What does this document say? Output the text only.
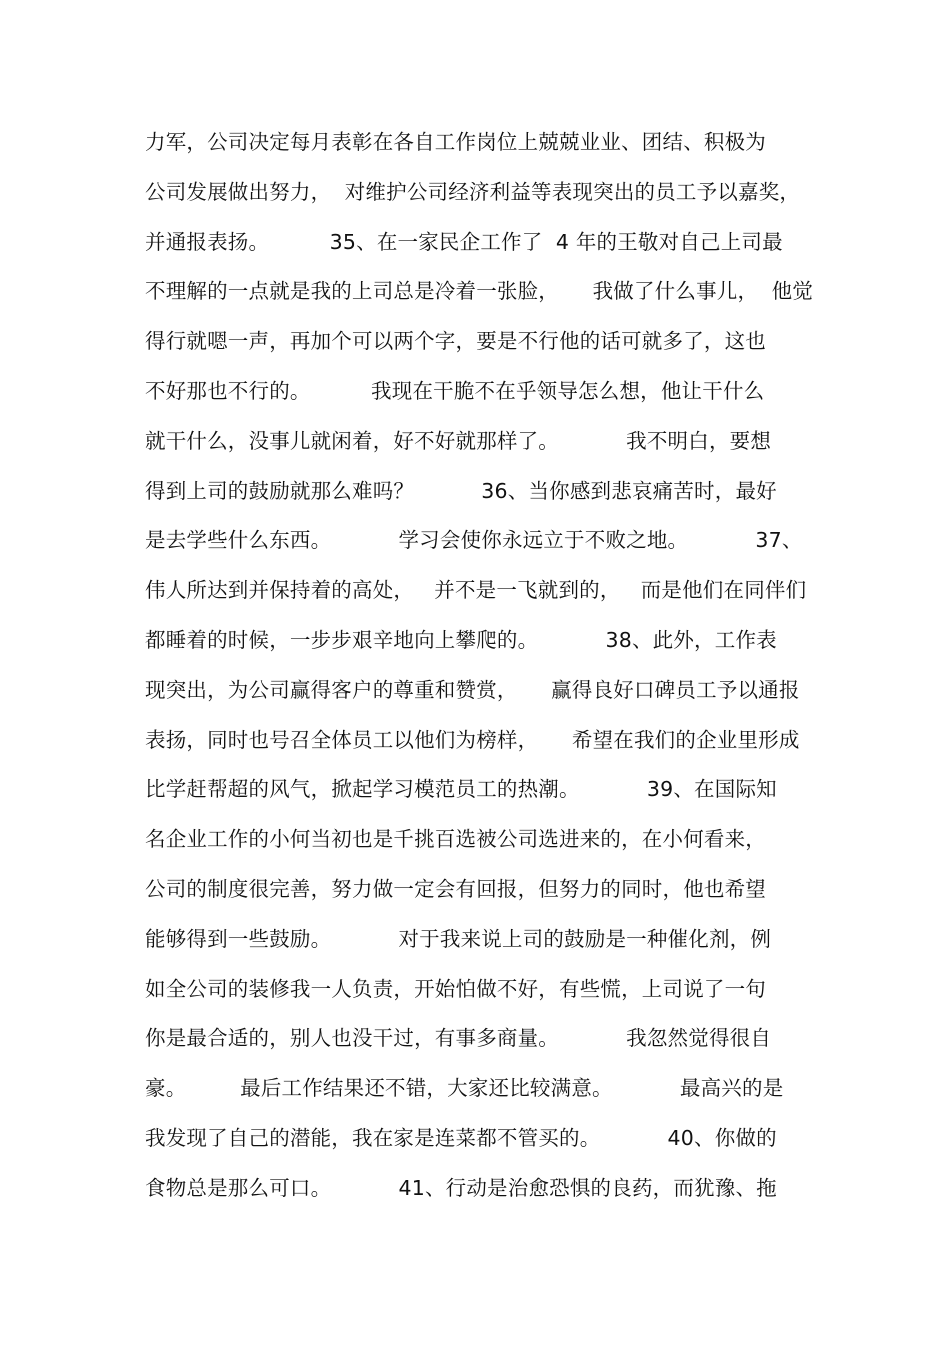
力军，公司决定每月表彰在各自工作岗位上兢兢业业、团结、积极为
公司发展做出努力，  对维护公司经济利益等表现突出的员工予以嘉奖，
并通报表扬。         35、在一家民企工作了  4 年的王敬对自己上司最
不理解的一点就是我的上司总是冷着一张脸，     我做了什么事儿，  他觉
得行就嗯一声，再加个可以两个字，要是不行他的话可就多了，这也
不好那也不行的。         我现在干脆不在乎领导怎么想，他让干什么
就干什么，没事儿就闲着，好不好就那样了。          我不明白，要想
得到上司的鼓励就那么难吗？          36、当你感到悲哀痛苦时，最好
是去学些什么东西。          学习会使你永远立于不败之地。          37、
伟人所达到并保持着的高处，   并不是一飞就到的，   而是他们在同伴们
都睡着的时候，一步步艰辛地向上攀爬的。          38、此外，工作表
现突出，为公司赢得客户的尊重和赞赏，     赢得良好口碑员工予以通报
表扬，同时也号召全体员工以他们为榜样，     希望在我们的企业里形成
比学赶帮超的风气，掀起学习模范员工的热潮。          39、在国际知
名企业工作的小何当初也是千挑百选被公司选进来的，在小何看来，
公司的制度很完善，努力做一定会有回报，但努力的同时，他也希望
能够得到一些鼓励。          对于我来说上司的鼓励是一种催化剂，例
如全公司的装修我一人负责，开始怕做不好，有些慌，上司说了一句
你是最合适的，别人也没干过，有事多商量。          我忽然觉得很自
豪。        最后工作结果还不错，大家还比较满意。          最高兴的是
我发现了自己的潜能，我在家是连菜都不管买的。          40、你做的
食物总是那么可口。          41、行动是治愈恐惧的良药，而犹豫、拖
